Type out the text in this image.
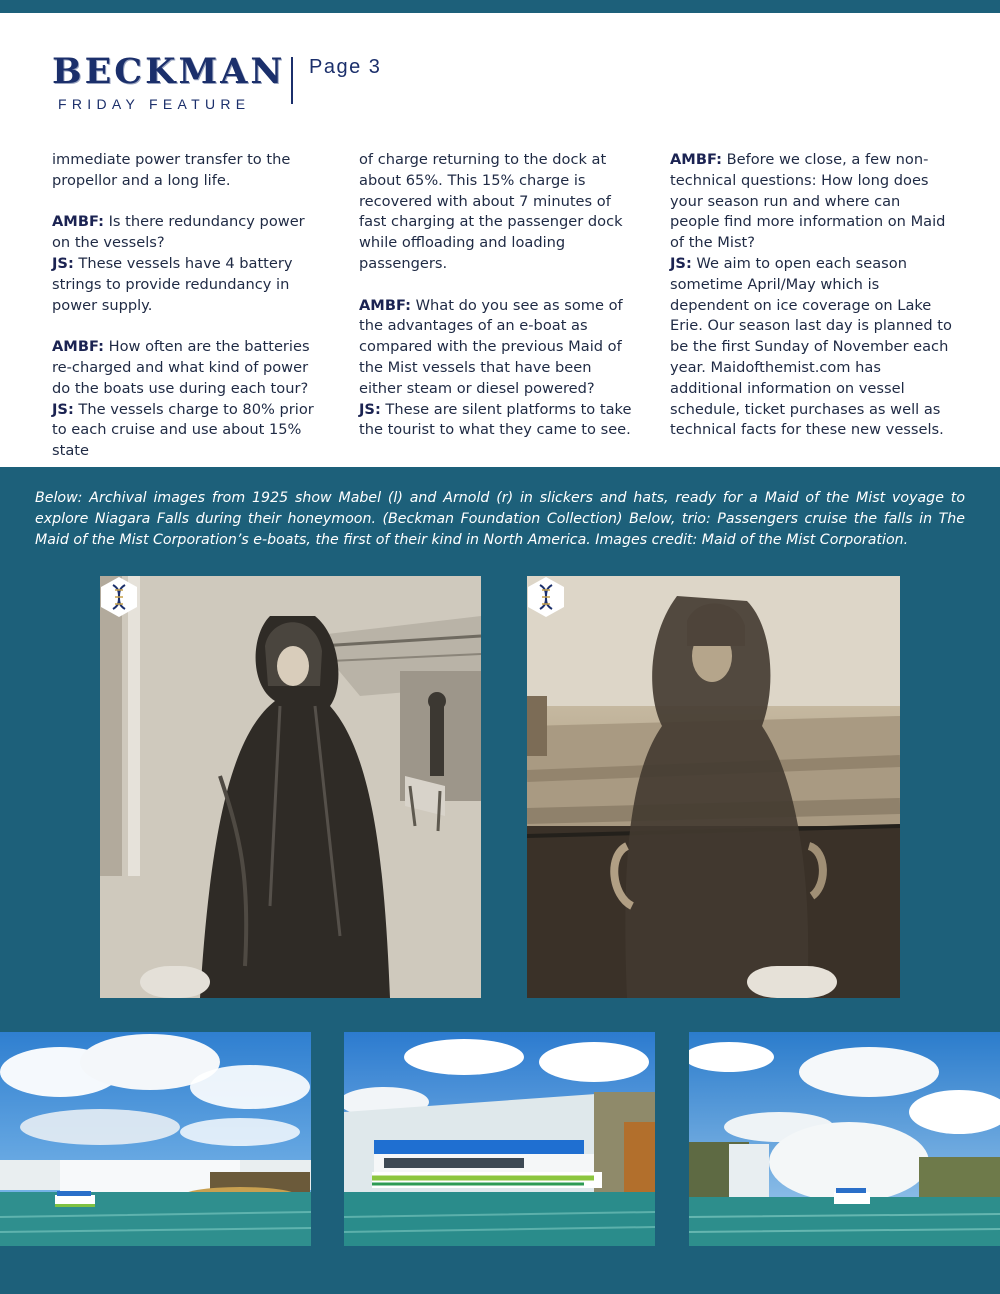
BECKMAN
FRIDAY FEATURE
Page 3

immediate power transfer to the propellor and a long life.

AMBF: Is there redundancy power on the vessels?

JS: These vessels have 4 battery strings to provide redundancy in power supply.

AMBF: How often are the batteries re-charged and what kind of power do the boats use during each tour?

JS: The vessels charge to 80% prior to each cruise and use about 15% state

of charge returning to the dock at about 65%. This 15% charge is recovered with about 7 minutes of fast charging at the passenger dock while offloading and loading passengers.

AMBF: What do you see as some of the advantages of an e-boat as compared with the previous Maid of the Mist vessels that have been either steam or diesel powered?

JS: These are silent platforms to take the tourist to what they came to see.

AMBF: Before we close, a few non-technical questions: How long does your season run and where can people find more information on Maid of the Mist?

JS: We aim to open each season sometime April/May which is dependent on ice coverage on Lake Erie. Our season last day is planned to be the first Sunday of November each year. Maidofthemist.com has additional information on vessel schedule, ticket purchases as well as technical facts for these new vessels.

Below: Archival images from 1925 show Mabel (l) and Arnold (r) in slickers and hats, ready for a Maid of the Mist voyage to explore Niagara Falls during their honeymoon. (Beckman Foundation Collection) Below, trio: Passengers cruise the falls in The Maid of the Mist Corporation’s e-boats, the first of their kind in North America. Images credit: Maid of the Mist Corporation.
